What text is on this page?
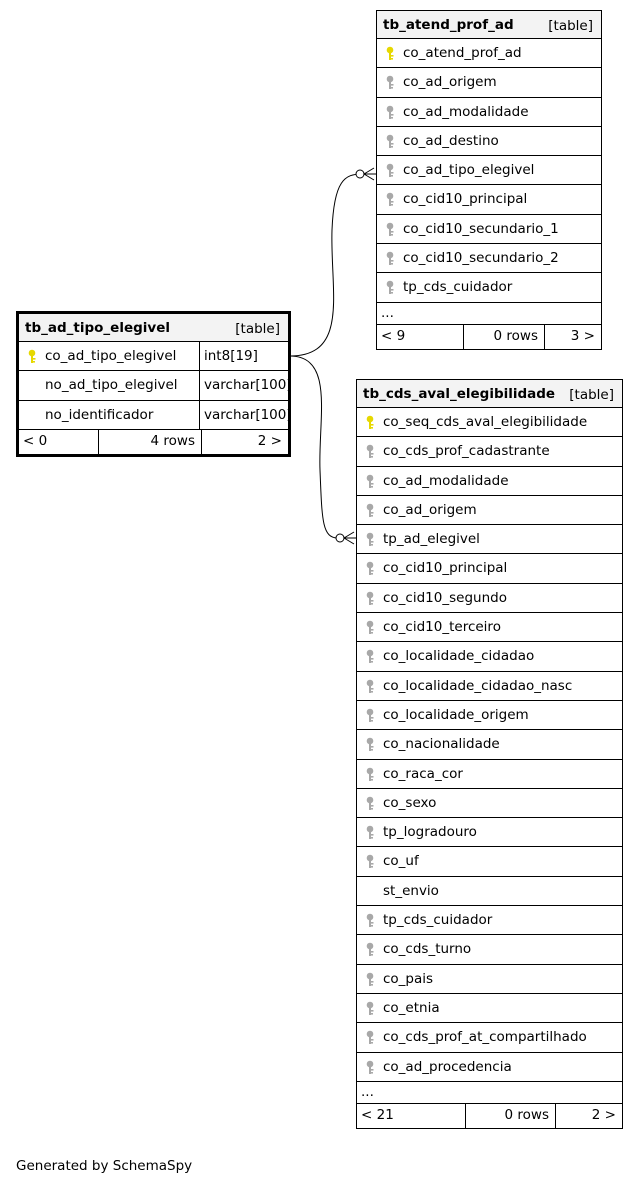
tb_atend_prof_ad	[table]
co_atend_prof_ad
co_ad_origem
co_ad_modalidade
co_ad_destino
co_ad_tipo_elegivel
co_cid10_principal
co_cid10_secundario_1
co_cid10_secundario_2
tp_cds_cuidador
...
< 9	0 rows	3 >
tb_ad_tipo_elegivel	[table]
co_ad_tipo_elegivel	int8[19]
no_ad_tipo_elegivel	varchar[100]
no_identificador	varchar[100]
< 0	4 rows	2 >
tb_cds_aval_elegibilidade [table]
co_seq_cds_aval_elegibilidade
co_cds_prof_cadastrante
co_ad_modalidade
co_ad_origem
tp_ad_elegivel
co_cid10_principal
co_cid10_segundo
co_cid10_terceiro
co_localidade_cidadao
co_localidade_cidadao_nasc
co_localidade_origem
co_nacionalidade
co_raca_cor
co_sexo
tp_logradouro
co_uf
st_envio
tp_cds_cuidador
co_cds_turno
co_pais
co_etnia
co_cds_prof_at_compartilhado
co_ad_procedencia
...
< 21	0 rows	2 >
Generated by SchemaSpy
